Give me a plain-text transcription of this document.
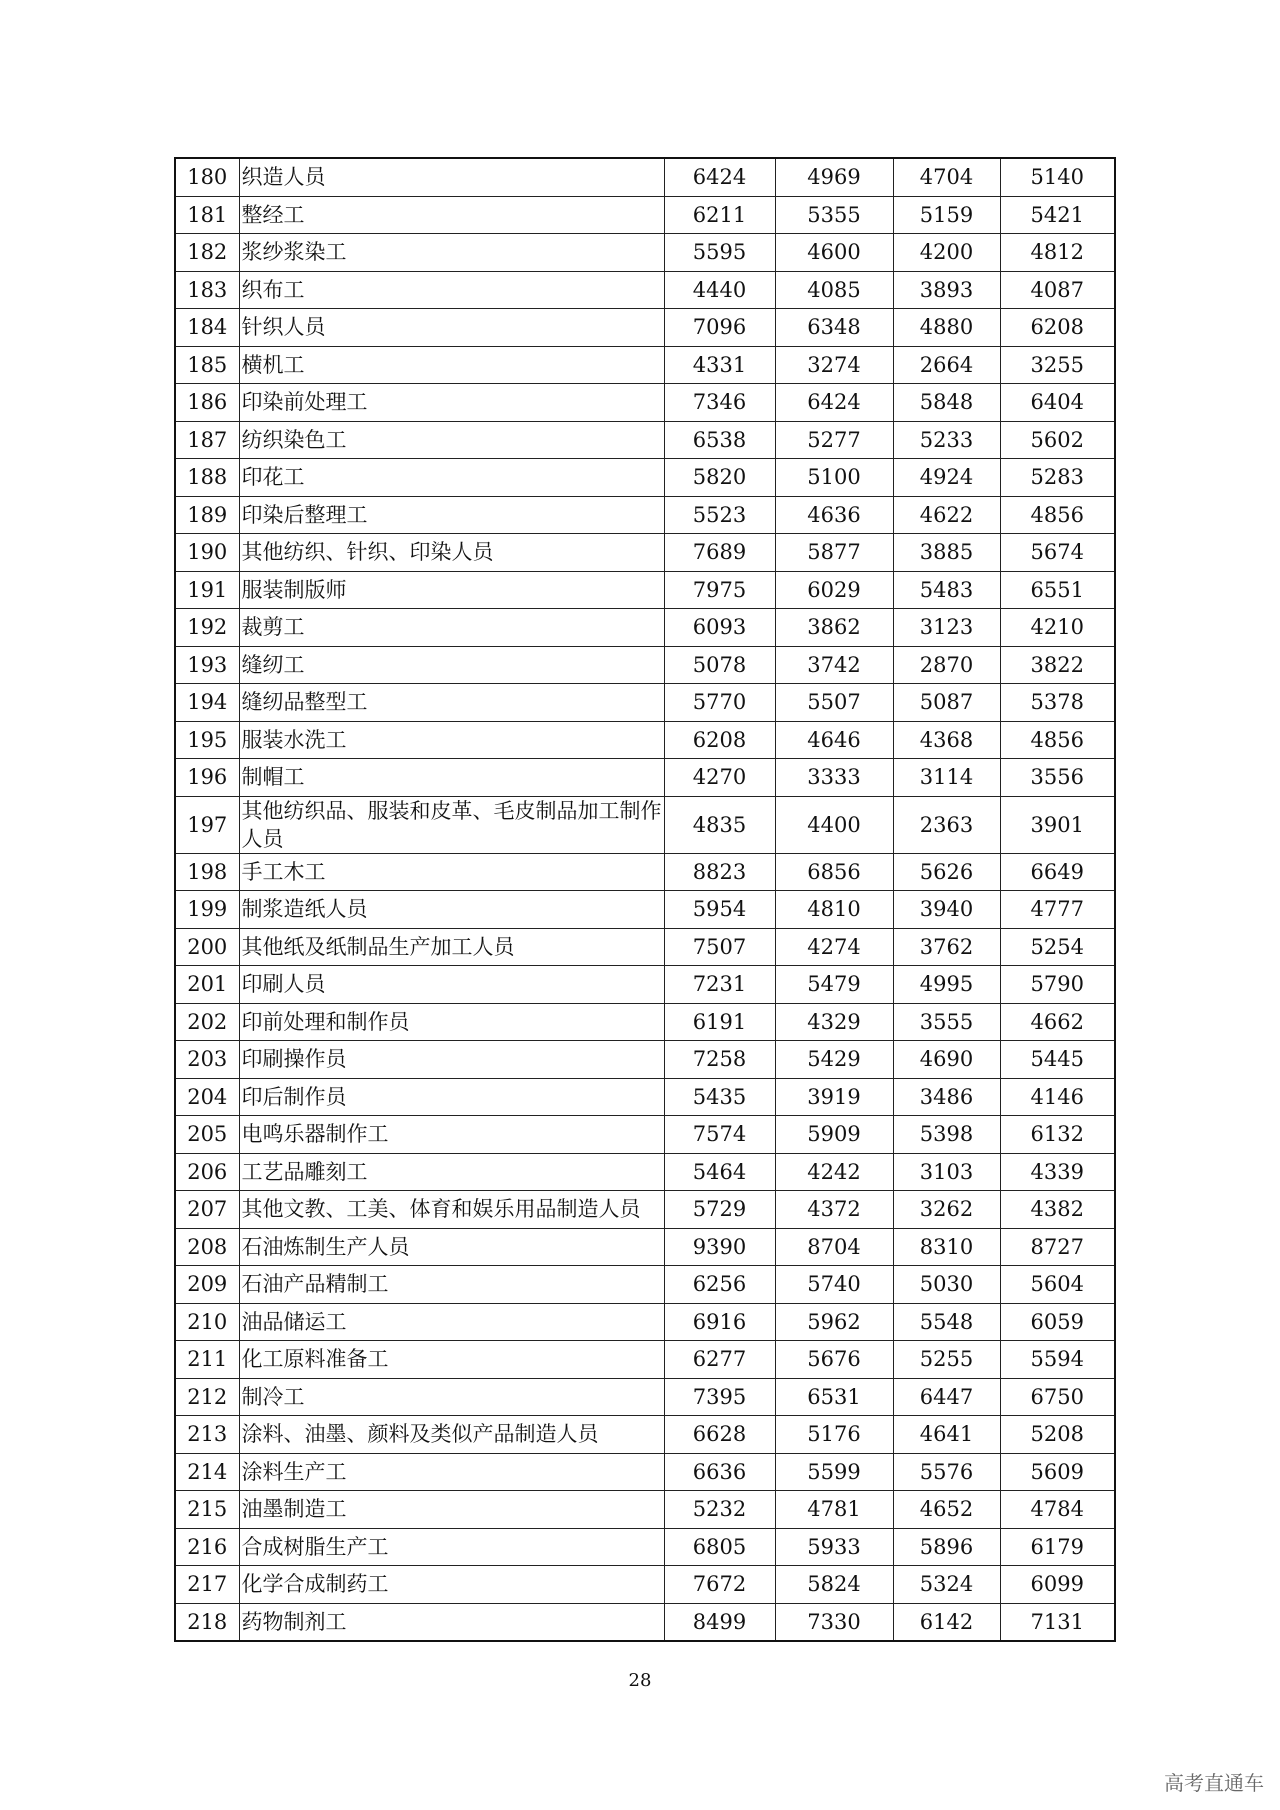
180	织造人员	6424	4969	4704	5140
181	整经工	6211	5355	5159	5421
182	浆纱浆染工	5595	4600	4200	4812
183	织布工	4440	4085	3893	4087
184	针织人员	7096	6348	4880	6208
185	横机工	4331	3274	2664	3255
186	印染前处理工	7346	6424	5848	6404
187	纺织染色工	6538	5277	5233	5602
188	印花工	5820	5100	4924	5283
189	印染后整理工	5523	4636	4622	4856
190	其他纺织、针织、印染人员	7689	5877	3885	5674
191	服装制版师	7975	6029	5483	6551
192	裁剪工	6093	3862	3123	4210
193	缝纫工	5078	3742	2870	3822
194	缝纫品整型工	5770	5507	5087	5378
195	服装水洗工	6208	4646	4368	4856
196	制帽工	4270	3333	3114	3556
197	其他纺织品、服装和皮革、毛皮制品加工制作人员	4835	4400	2363	3901
198	手工木工	8823	6856	5626	6649
199	制浆造纸人员	5954	4810	3940	4777
200	其他纸及纸制品生产加工人员	7507	4274	3762	5254
201	印刷人员	7231	5479	4995	5790
202	印前处理和制作员	6191	4329	3555	4662
203	印刷操作员	7258	5429	4690	5445
204	印后制作员	5435	3919	3486	4146
205	电鸣乐器制作工	7574	5909	5398	6132
206	工艺品雕刻工	5464	4242	3103	4339
207	其他文教、工美、体育和娱乐用品制造人员	5729	4372	3262	4382
208	石油炼制生产人员	9390	8704	8310	8727
209	石油产品精制工	6256	5740	5030	5604
210	油品储运工	6916	5962	5548	6059
211	化工原料准备工	6277	5676	5255	5594
212	制冷工	7395	6531	6447	6750
213	涂料、油墨、颜料及类似产品制造人员	6628	5176	4641	5208
214	涂料生产工	6636	5599	5576	5609
215	油墨制造工	5232	4781	4652	4784
216	合成树脂生产工	6805	5933	5896	6179
217	化学合成制药工	7672	5824	5324	6099
218	药物制剂工	8499	7330	6142	7131
28
高考直通车
